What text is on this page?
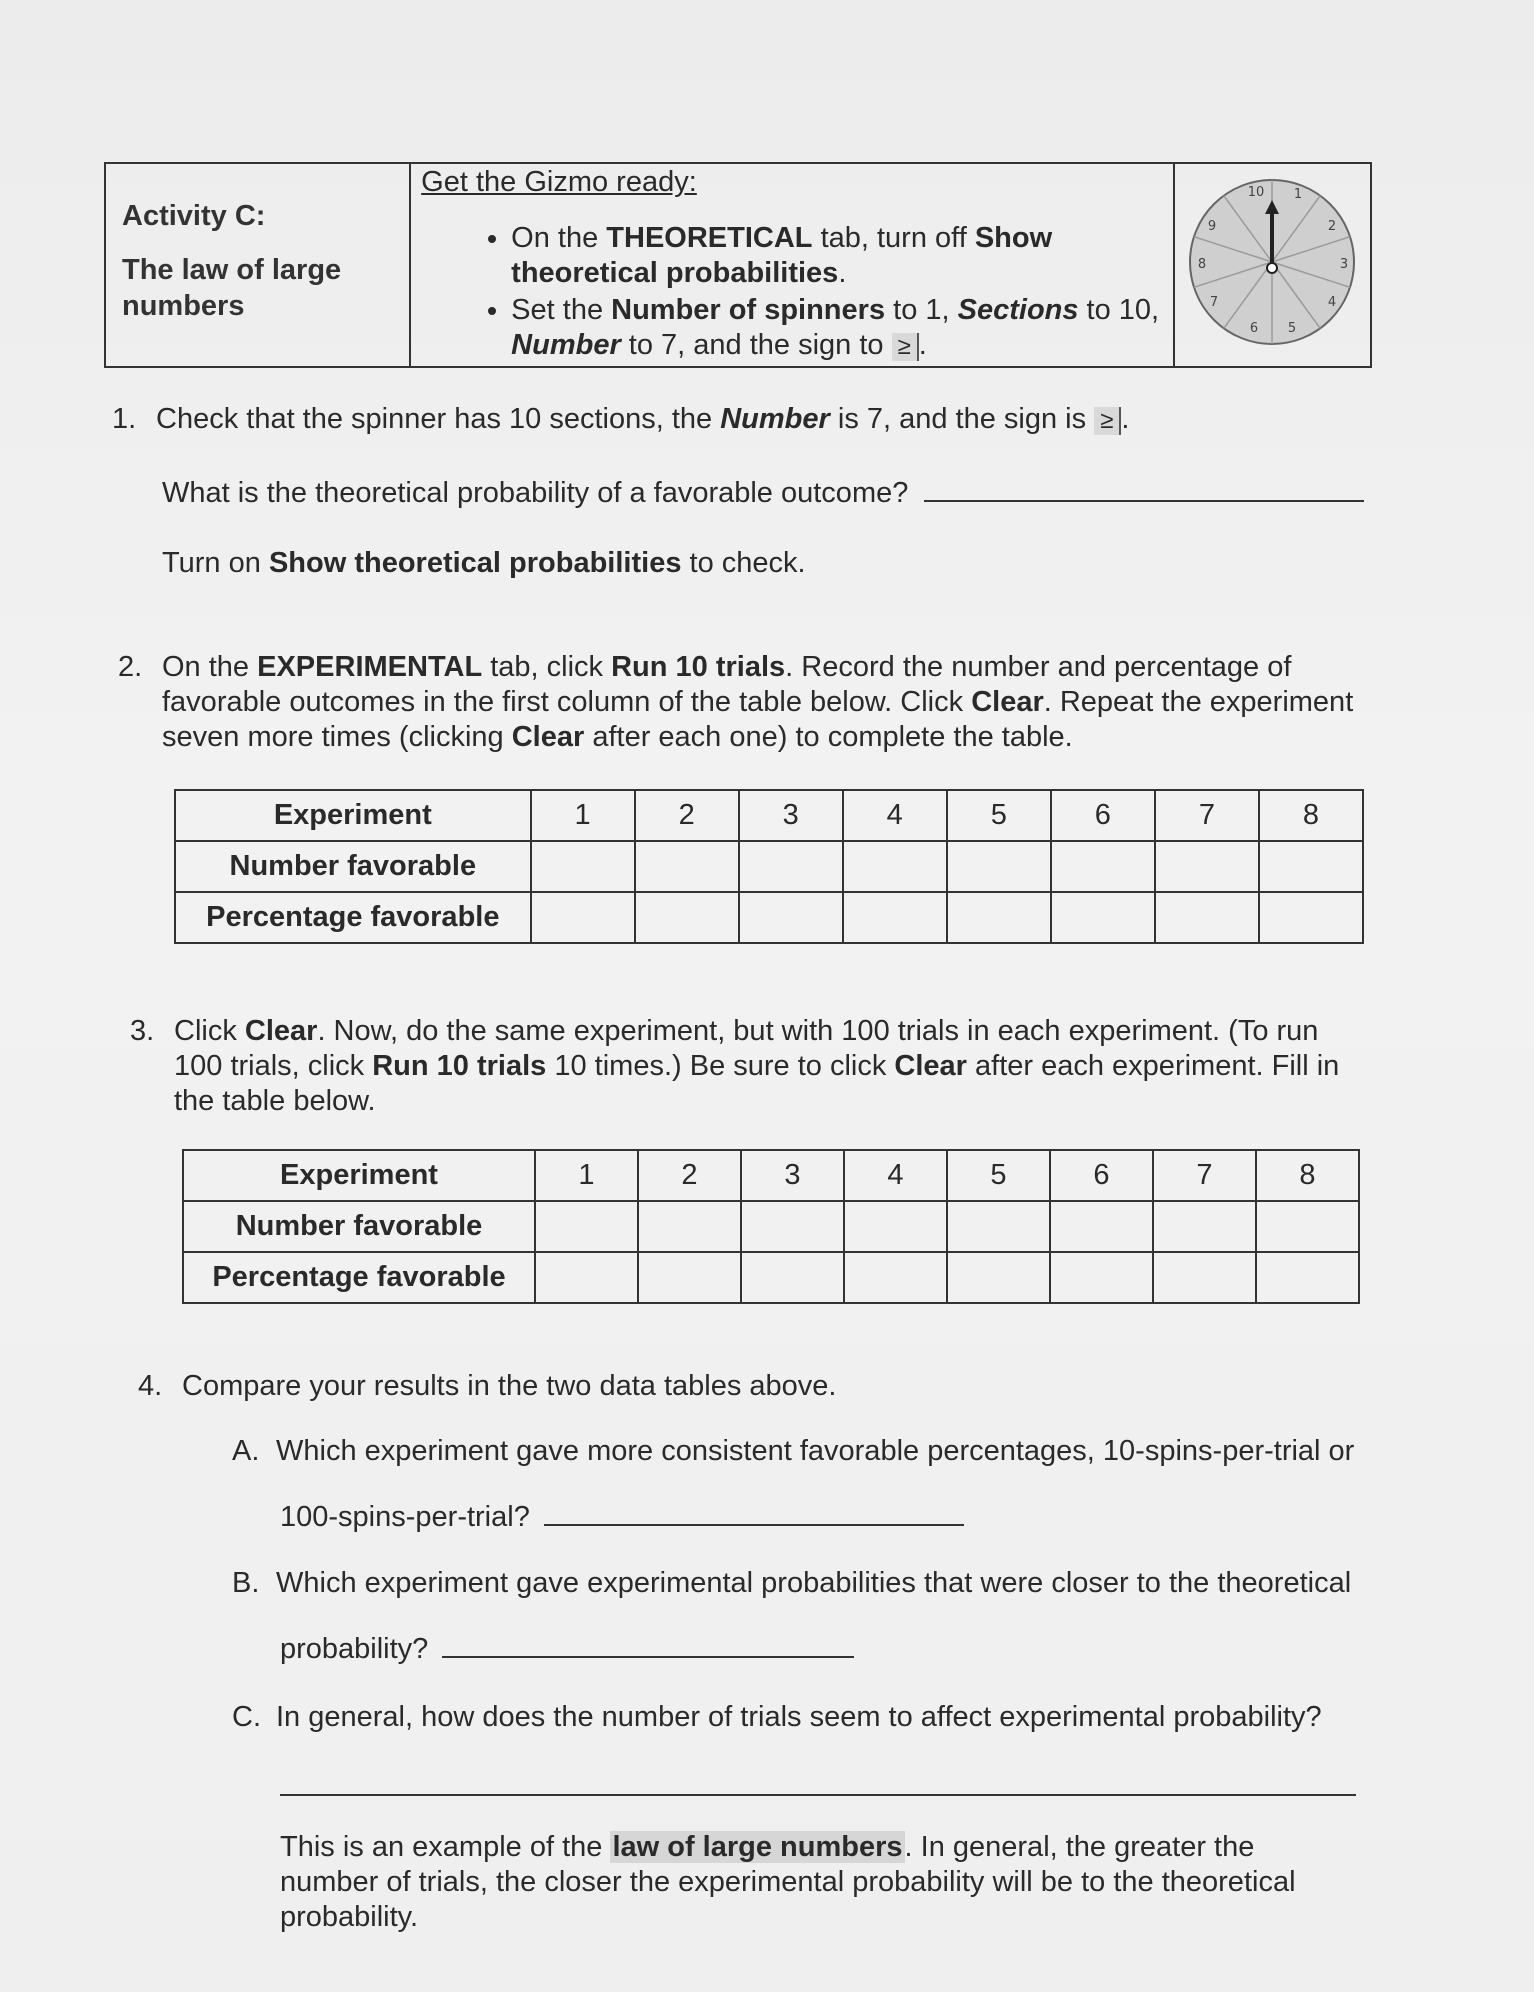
Activity C:
The law of large
numbers

Get the Gizmo ready:
• On the THEORETICAL tab, turn off Show theoretical probabilities.
• Set the Number of spinners to 1, Sections to 10, Number to 7, and the sign to ≥ .

10 1
2
3
4
5
6
7
8
9
1. Check that the spinner has 10 sections, the Number is 7, and the sign is ≥ .
What is the theoretical probability of a favorable outcome?
Turn on Show theoretical probabilities to check.
2. On the EXPERIMENTAL tab, click Run 10 trials. Record the number and percentage of favorable outcomes in the first column of the table below. Click Clear. Repeat the experiment seven more times (clicking Clear after each one) to complete the table.
Experiment	1	2	3	4	5	6	7	8
Number favorable								
Percentage favorable								
3. Click Clear. Now, do the same experiment, but with 100 trials in each experiment. (To run 100 trials, click Run 10 trials 10 times.) Be sure to click Clear after each experiment. Fill in the table below.
Experiment	1	2	3	4	5	6	7	8
Number favorable								
Percentage favorable								
4. Compare your results in the two data tables above.
A. Which experiment gave more consistent favorable percentages, 10-spins-per-trial or
100-spins-per-trial?
B. Which experiment gave experimental probabilities that were closer to the theoretical
probability?
C. In general, how does the number of trials seem to affect experimental probability?
This is an example of the law of large numbers. In general, the greater the number of trials, the closer the experimental probability will be to the theoretical probability.
